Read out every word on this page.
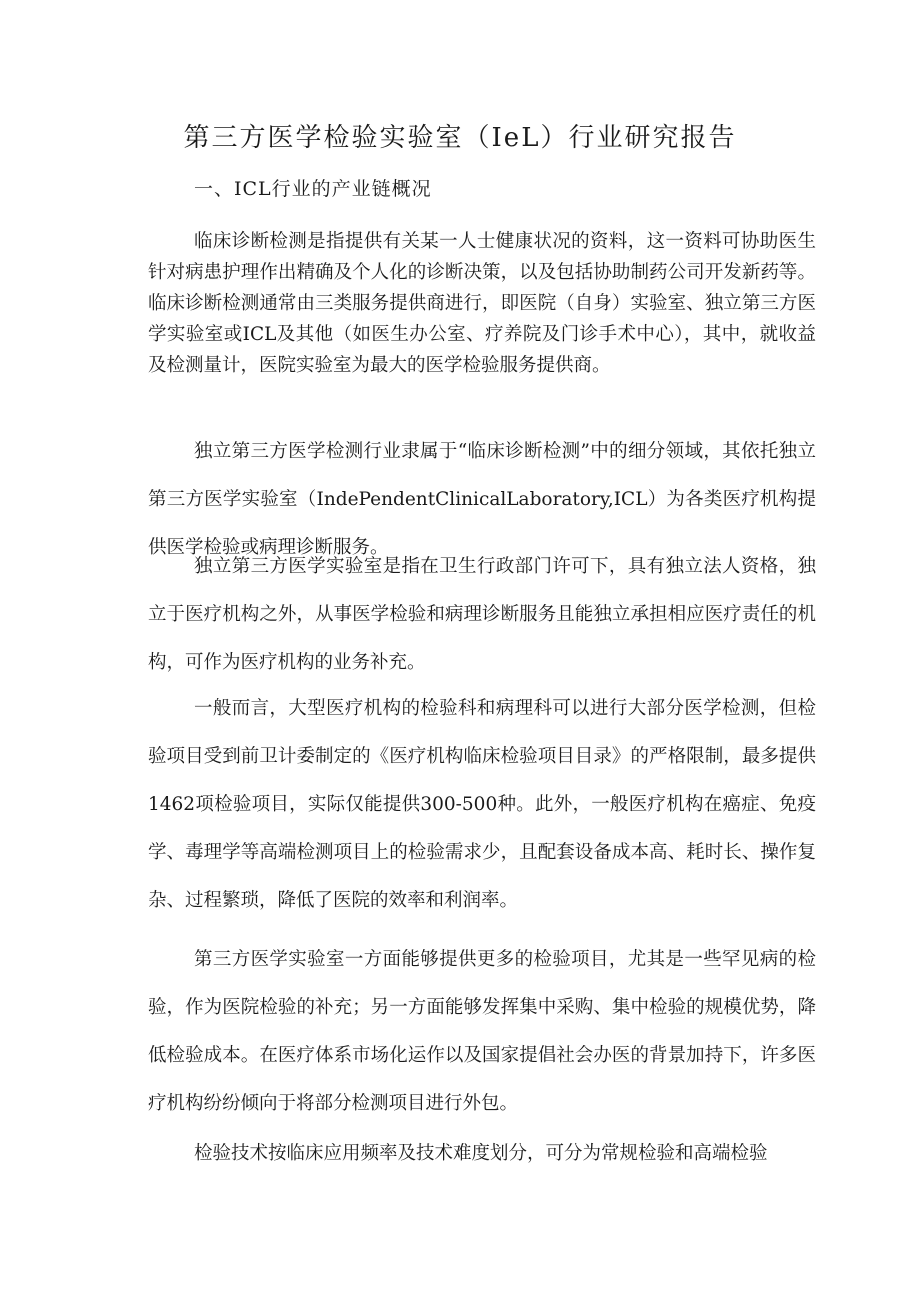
第三方医学检验实验室（IeL）行业研究报告
一、ICL行业的产业链概况

临床诊断检测是指提供有关某一人士健康状况的资料，这一资料可协助医生针对病患护理作出精确及个人化的诊断决策，以及包括协助制药公司开发新药等。临床诊断检测通常由三类服务提供商进行，即医院（自身）实验室、独立第三方医学实验室或ICL及其他（如医生办公室、疗养院及门诊手术中心），其中，就收益及检测量计，医院实验室为最大的医学检验服务提供商。

独立第三方医学检测行业隶属于“临床诊断检测”中的细分领域，其依托独立第三方医学实验室（IndePendentClinicalLaboratory,ICL）为各类医疗机构提供医学检验或病理诊断服务。

独立第三方医学实验室是指在卫生行政部门许可下，具有独立法人资格，独立于医疗机构之外，从事医学检验和病理诊断服务且能独立承担相应医疗责任的机构，可作为医疗机构的业务补充。

一般而言，大型医疗机构的检验科和病理科可以进行大部分医学检测，但检验项目受到前卫计委制定的《医疗机构临床检验项目目录》的严格限制，最多提供1462项检验项目，实际仅能提供300-500种。此外，一般医疗机构在癌症、免疫学、毒理学等高端检测项目上的检验需求少，且配套设备成本高、耗时长、操作复杂、过程繁琐，降低了医院的效率和利润率。

第三方医学实验室一方面能够提供更多的检验项目，尤其是一些罕见病的检验，作为医院检验的补充；另一方面能够发挥集中采购、集中检验的规模优势，降低检验成本。在医疗体系市场化运作以及国家提倡社会办医的背景加持下，许多医疗机构纷纷倾向于将部分检测项目进行外包。

检验技术按临床应用频率及技术难度划分，可分为常规检验和高端检验
